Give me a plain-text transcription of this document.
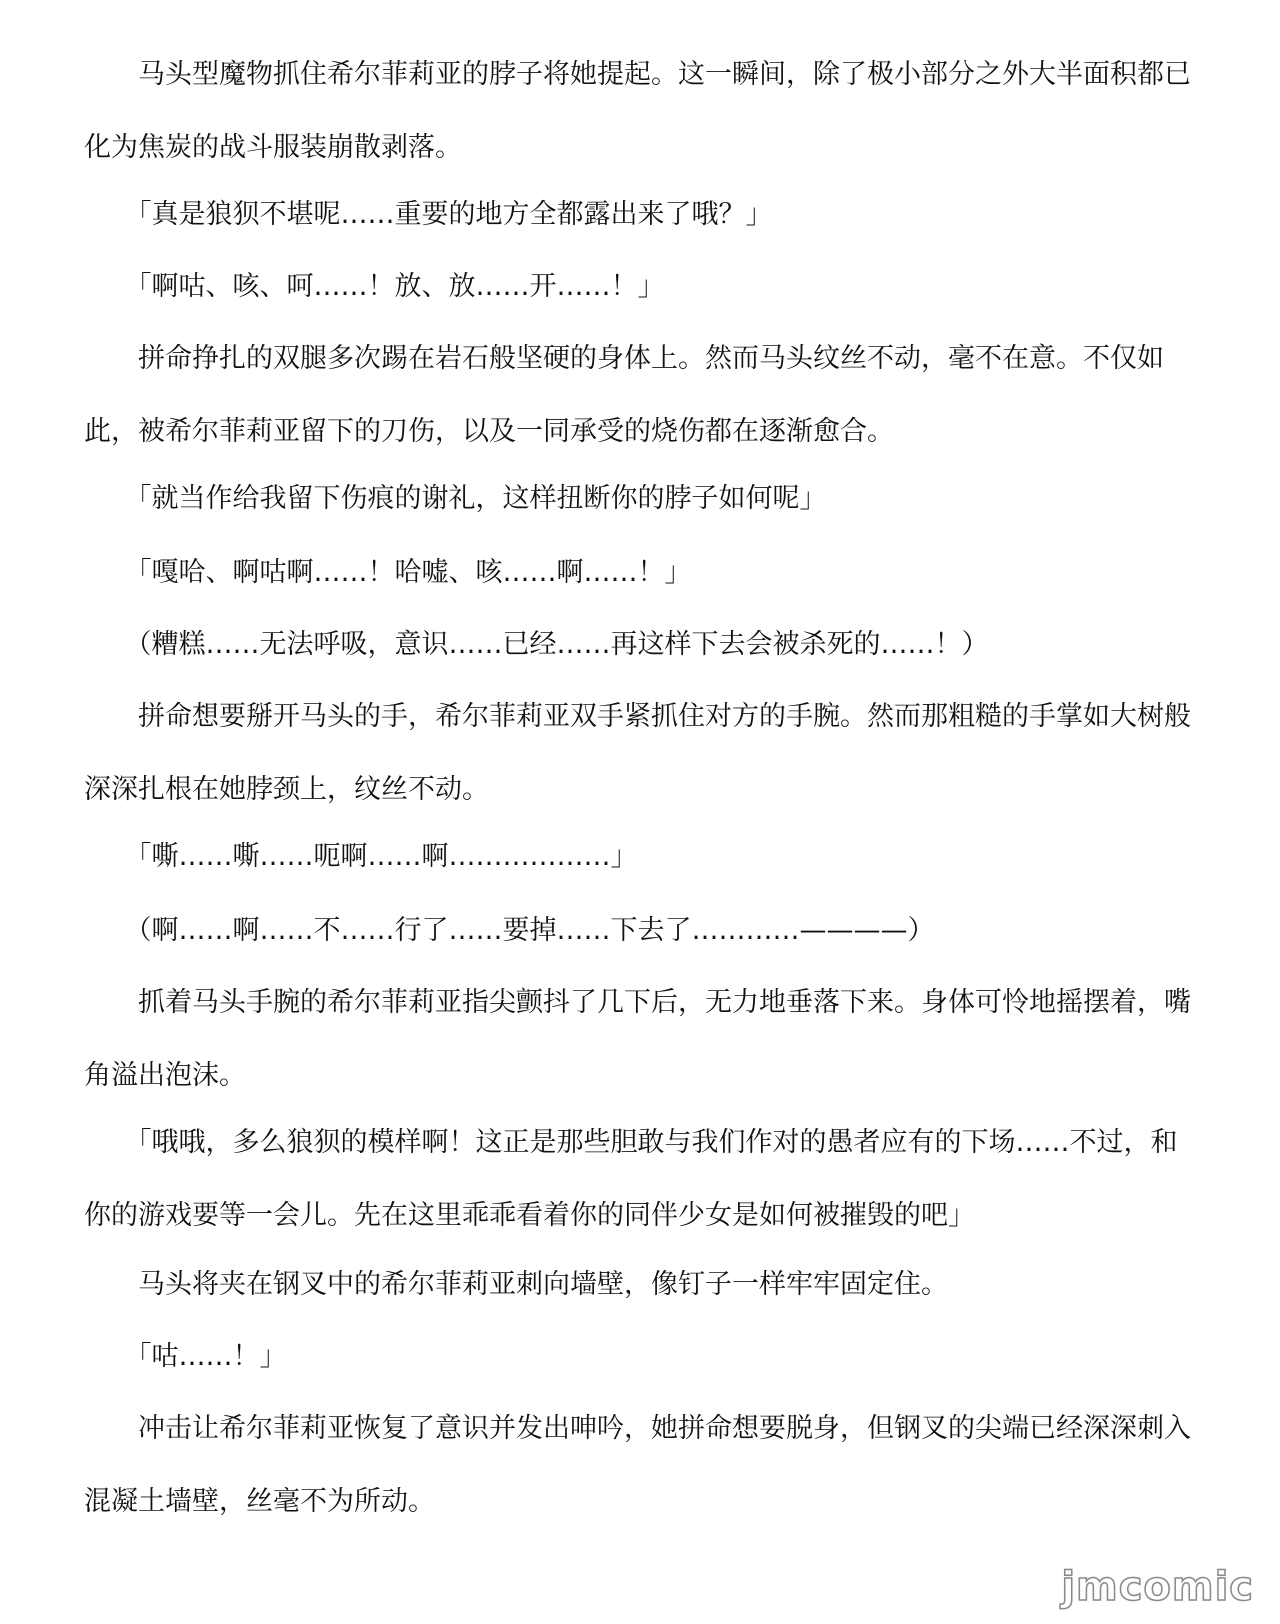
　　马头型魔物抓住希尔菲莉亚的脖子将她提起。这一瞬间，除了极小部分之外大半面积都已化为焦炭的战斗服装崩散剥落。

　　「真是狼狈不堪呢……重要的地方全都露出来了哦？」

　　「啊咕、咳、呵……！放、放……开……！」

　　拼命挣扎的双腿多次踢在岩石般坚硬的身体上。然而马头纹丝不动，毫不在意。不仅如此，被希尔菲莉亚留下的刀伤，以及一同承受的烧伤都在逐渐愈合。

　　「就当作给我留下伤痕的谢礼，这样扭断你的脖子如何呢」

　　「嘎哈、啊咕啊……！哈嘘、咳……啊……！」

　　（糟糕……无法呼吸，意识……已经……再这样下去会被杀死的……！）

　　拼命想要掰开马头的手，希尔菲莉亚双手紧抓住对方的手腕。然而那粗糙的手掌如大树般深深扎根在她脖颈上，纹丝不动。

　　「嘶……嘶……呃啊……啊………………」

　　（啊……啊……不……行了……要掉……下去了…………————）

　　抓着马头手腕的希尔菲莉亚指尖颤抖了几下后，无力地垂落下来。身体可怜地摇摆着，嘴角溢出泡沫。

　　「哦哦，多么狼狈的模样啊！这正是那些胆敢与我们作对的愚者应有的下场……不过，和你的游戏要等一会儿。先在这里乖乖看着你的同伴少女是如何被摧毁的吧」

　　马头将夹在钢叉中的希尔菲莉亚刺向墙壁，像钉子一样牢牢固定住。

　　「咕……！」

　　冲击让希尔菲莉亚恢复了意识并发出呻吟，她拼命想要脱身，但钢叉的尖端已经深深刺入混凝土墙壁，丝毫不为所动。

jmcomic
